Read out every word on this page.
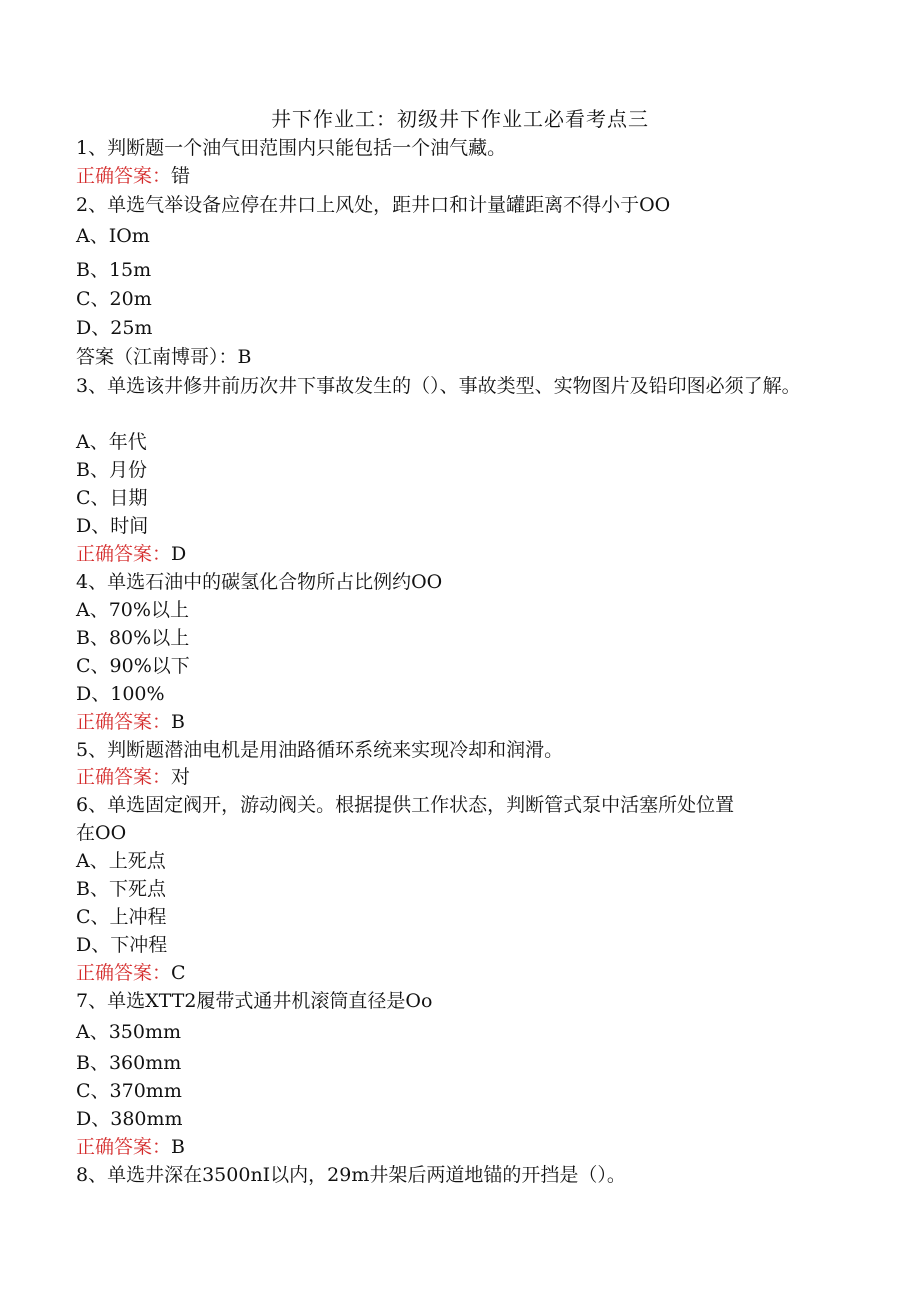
井下作业工：初级井下作业工必看考点三
1、判断题一个油气田范围内只能包括一个油气藏。
正确答案：错
2、单选气举设备应停在井口上风处，距井口和计量罐距离不得小于OO
A、IOm
B、15m
C、20m
D、25m
答案（江南博哥）：B
3、单选该井修井前历次井下事故发生的（）、事故类型、实物图片及铅印图必须了解。
A、年代
B、月份
C、日期
D、时间
正确答案：D
4、单选石油中的碳氢化合物所占比例约OO
A、70%以上
B、80%以上
C、90%以下
D、100%
正确答案：B
5、判断题潜油电机是用油路循环系统来实现冷却和润滑。
正确答案：对
6、单选固定阀开，游动阀关。根据提供工作状态，判断管式泵中活塞所处位置
在OO
A、上死点
B、下死点
C、上冲程
D、下冲程
正确答案：C
7、单选XTT2履带式通井机滚筒直径是Oo
A、350mm
B、360mm
C、370mm
D、380mm
正确答案：B
8、单选井深在3500nI以内，29m井架后两道地锚的开挡是（）。
